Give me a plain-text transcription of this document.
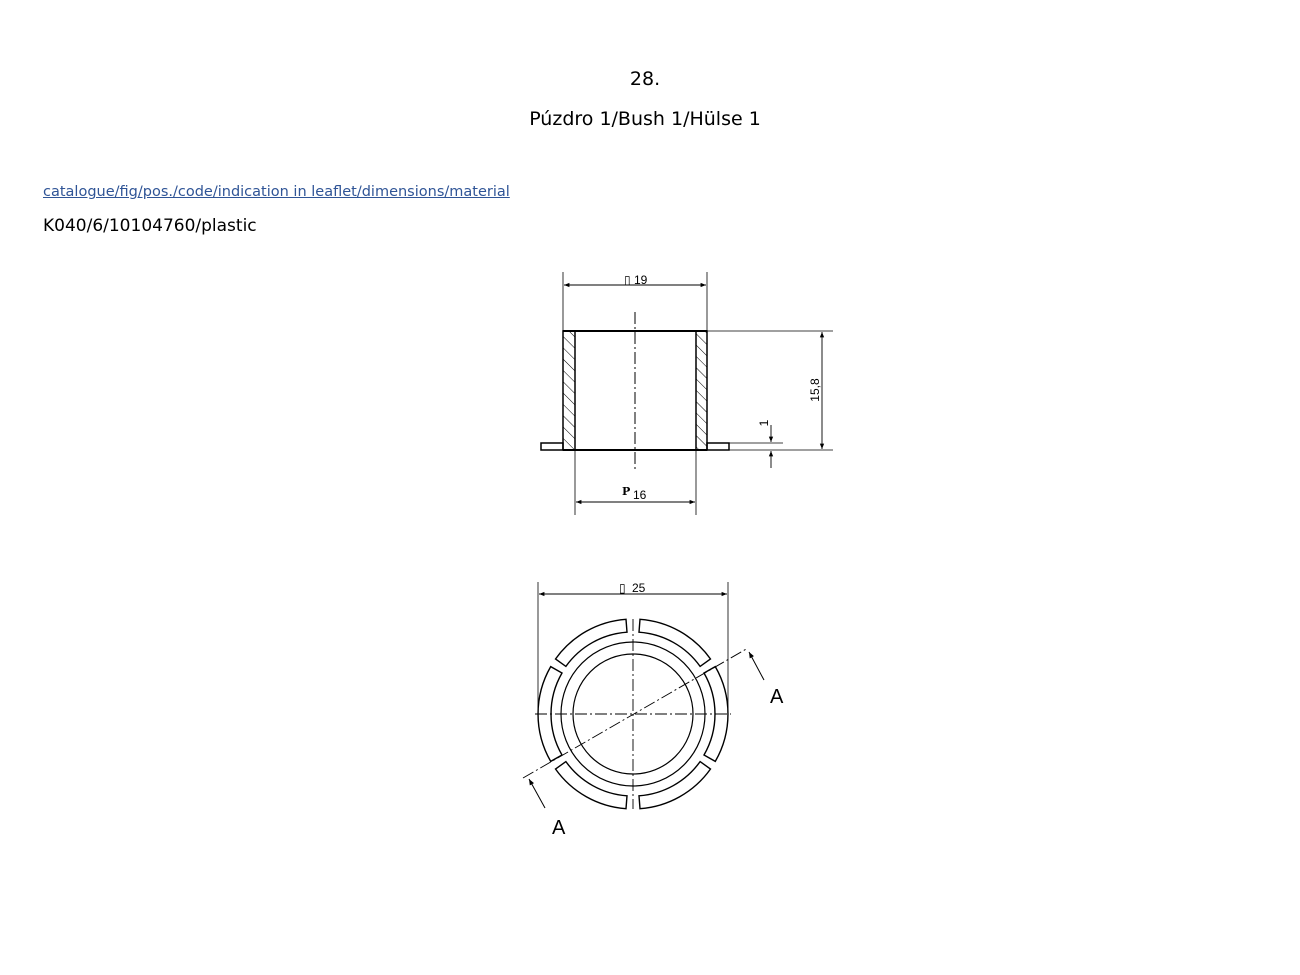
28.
Púzdro 1/Bush 1/Hülse 1
catalogue/fig/pos./code/indication in leaflet/dimensions/material
K040/6/10104760/plastic
▯ 19
15,8
1
P 16
▯ 25
A
A
